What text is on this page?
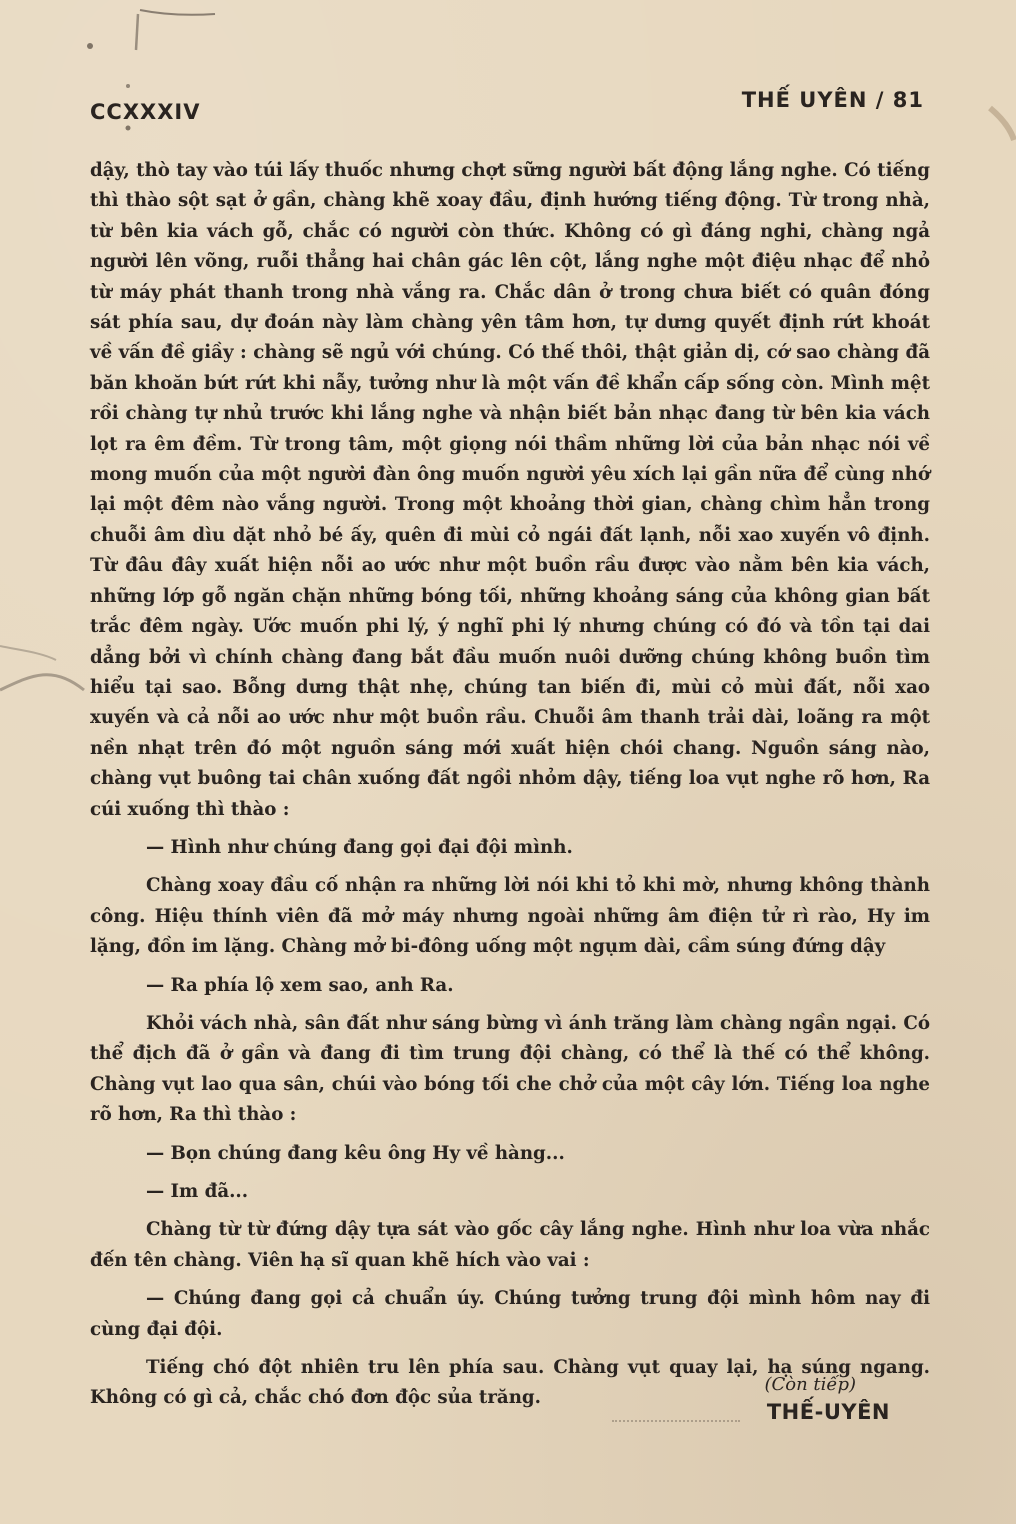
CCXXXIV	THẾ UYÊN / 81

dậy, thò tay vào túi lấy thuốc nhưng chợt sững người bất động lắng nghe. Có tiếng thì thào sột sạt ở gần, chàng khẽ xoay đầu, định hướng tiếng động. Từ trong nhà, từ bên kia vách gỗ, chắc có người còn thức. Không có gì đáng nghi, chàng ngả người lên võng, ruỗi thẳng hai chân gác lên cột, lắng nghe một điệu nhạc để nhỏ từ máy phát thanh trong nhà vắng ra. Chắc dân ở trong chưa biết có quân đóng sát phía sau, dự đoán này làm chàng yên tâm hơn, tự dưng quyết định rứt khoát về vấn đề giầy : chàng sẽ ngủ với chúng. Có thế thôi, thật giản dị, cớ sao chàng đã băn khoăn bứt rứt khi nẫy, tưởng như là một vấn đề khẩn cấp sống còn. Mình mệt rồi chàng tự nhủ trước khi lắng nghe và nhận biết bản nhạc đang từ bên kia vách lọt ra êm đềm. Từ trong tâm, một giọng nói thầm những lời của bản nhạc nói về mong muốn của một người đàn ông muốn người yêu xích lại gần nữa để cùng nhớ lại một đêm nào vắng người. Trong một khoảng thời gian, chàng chìm hẳn trong chuỗi âm dìu dặt nhỏ bé ấy, quên đi mùi cỏ ngái đất lạnh, nỗi xao xuyến vô định. Từ đâu đây xuất hiện nỗi ao ước như một buồn rầu được vào nằm bên kia vách, những lớp gỗ ngăn chặn những bóng tối, những khoảng sáng của không gian bất trắc đêm ngày. Ước muốn phi lý, ý nghĩ phi lý nhưng chúng có đó và tồn tại dai dẳng bởi vì chính chàng đang bắt đầu muốn nuôi dưỡng chúng không buồn tìm hiểu tại sao. Bỗng dưng thật nhẹ, chúng tan biến đi, mùi cỏ mùi đất, nỗi xao xuyến và cả nỗi ao ước như một buồn rầu. Chuỗi âm thanh trải dài, loãng ra một nền nhạt trên đó một nguồn sáng mới xuất hiện chói chang. Nguồn sáng nào, chàng vụt buông tai chân xuống đất ngồi nhỏm dậy, tiếng loa vụt nghe rõ hơn, Ra cúi xuống thì thào :

— Hình như chúng đang gọi đại đội mình.

Chàng xoay đầu cố nhận ra những lời nói khi tỏ khi mờ, nhưng không thành công. Hiệu thính viên đã mở máy nhưng ngoài những âm điện tử rì rào, Hy im lặng, đồn im lặng. Chàng mở bi-đông uống một ngụm dài, cầm súng đứng dậy

— Ra phía lộ xem sao, anh Ra.

Khỏi vách nhà, sân đất như sáng bừng vì ánh trăng làm chàng ngần ngại. Có thể địch đã ở gần và đang đi tìm trung đội chàng, có thể là thế có thể không. Chàng vụt lao qua sân, chúi vào bóng tối che chở của một cây lớn. Tiếng loa nghe rõ hơn, Ra thì thào :

— Bọn chúng đang kêu ông Hy về hàng...

— Im đã...

Chàng từ từ đứng dậy tựa sát vào gốc cây lắng nghe. Hình như loa vừa nhắc đến tên chàng. Viên hạ sĩ quan khẽ hích vào vai :

— Chúng đang gọi cả chuẩn úy. Chúng tưởng trung đội mình hôm nay đi cùng đại đội.

Tiếng chó đột nhiên tru lên phía sau. Chàng vụt quay lại, hạ súng ngang. Không có gì cả, chắc chó đơn độc sủa trăng.

(Còn tiếp)
THẾ-UYÊN
